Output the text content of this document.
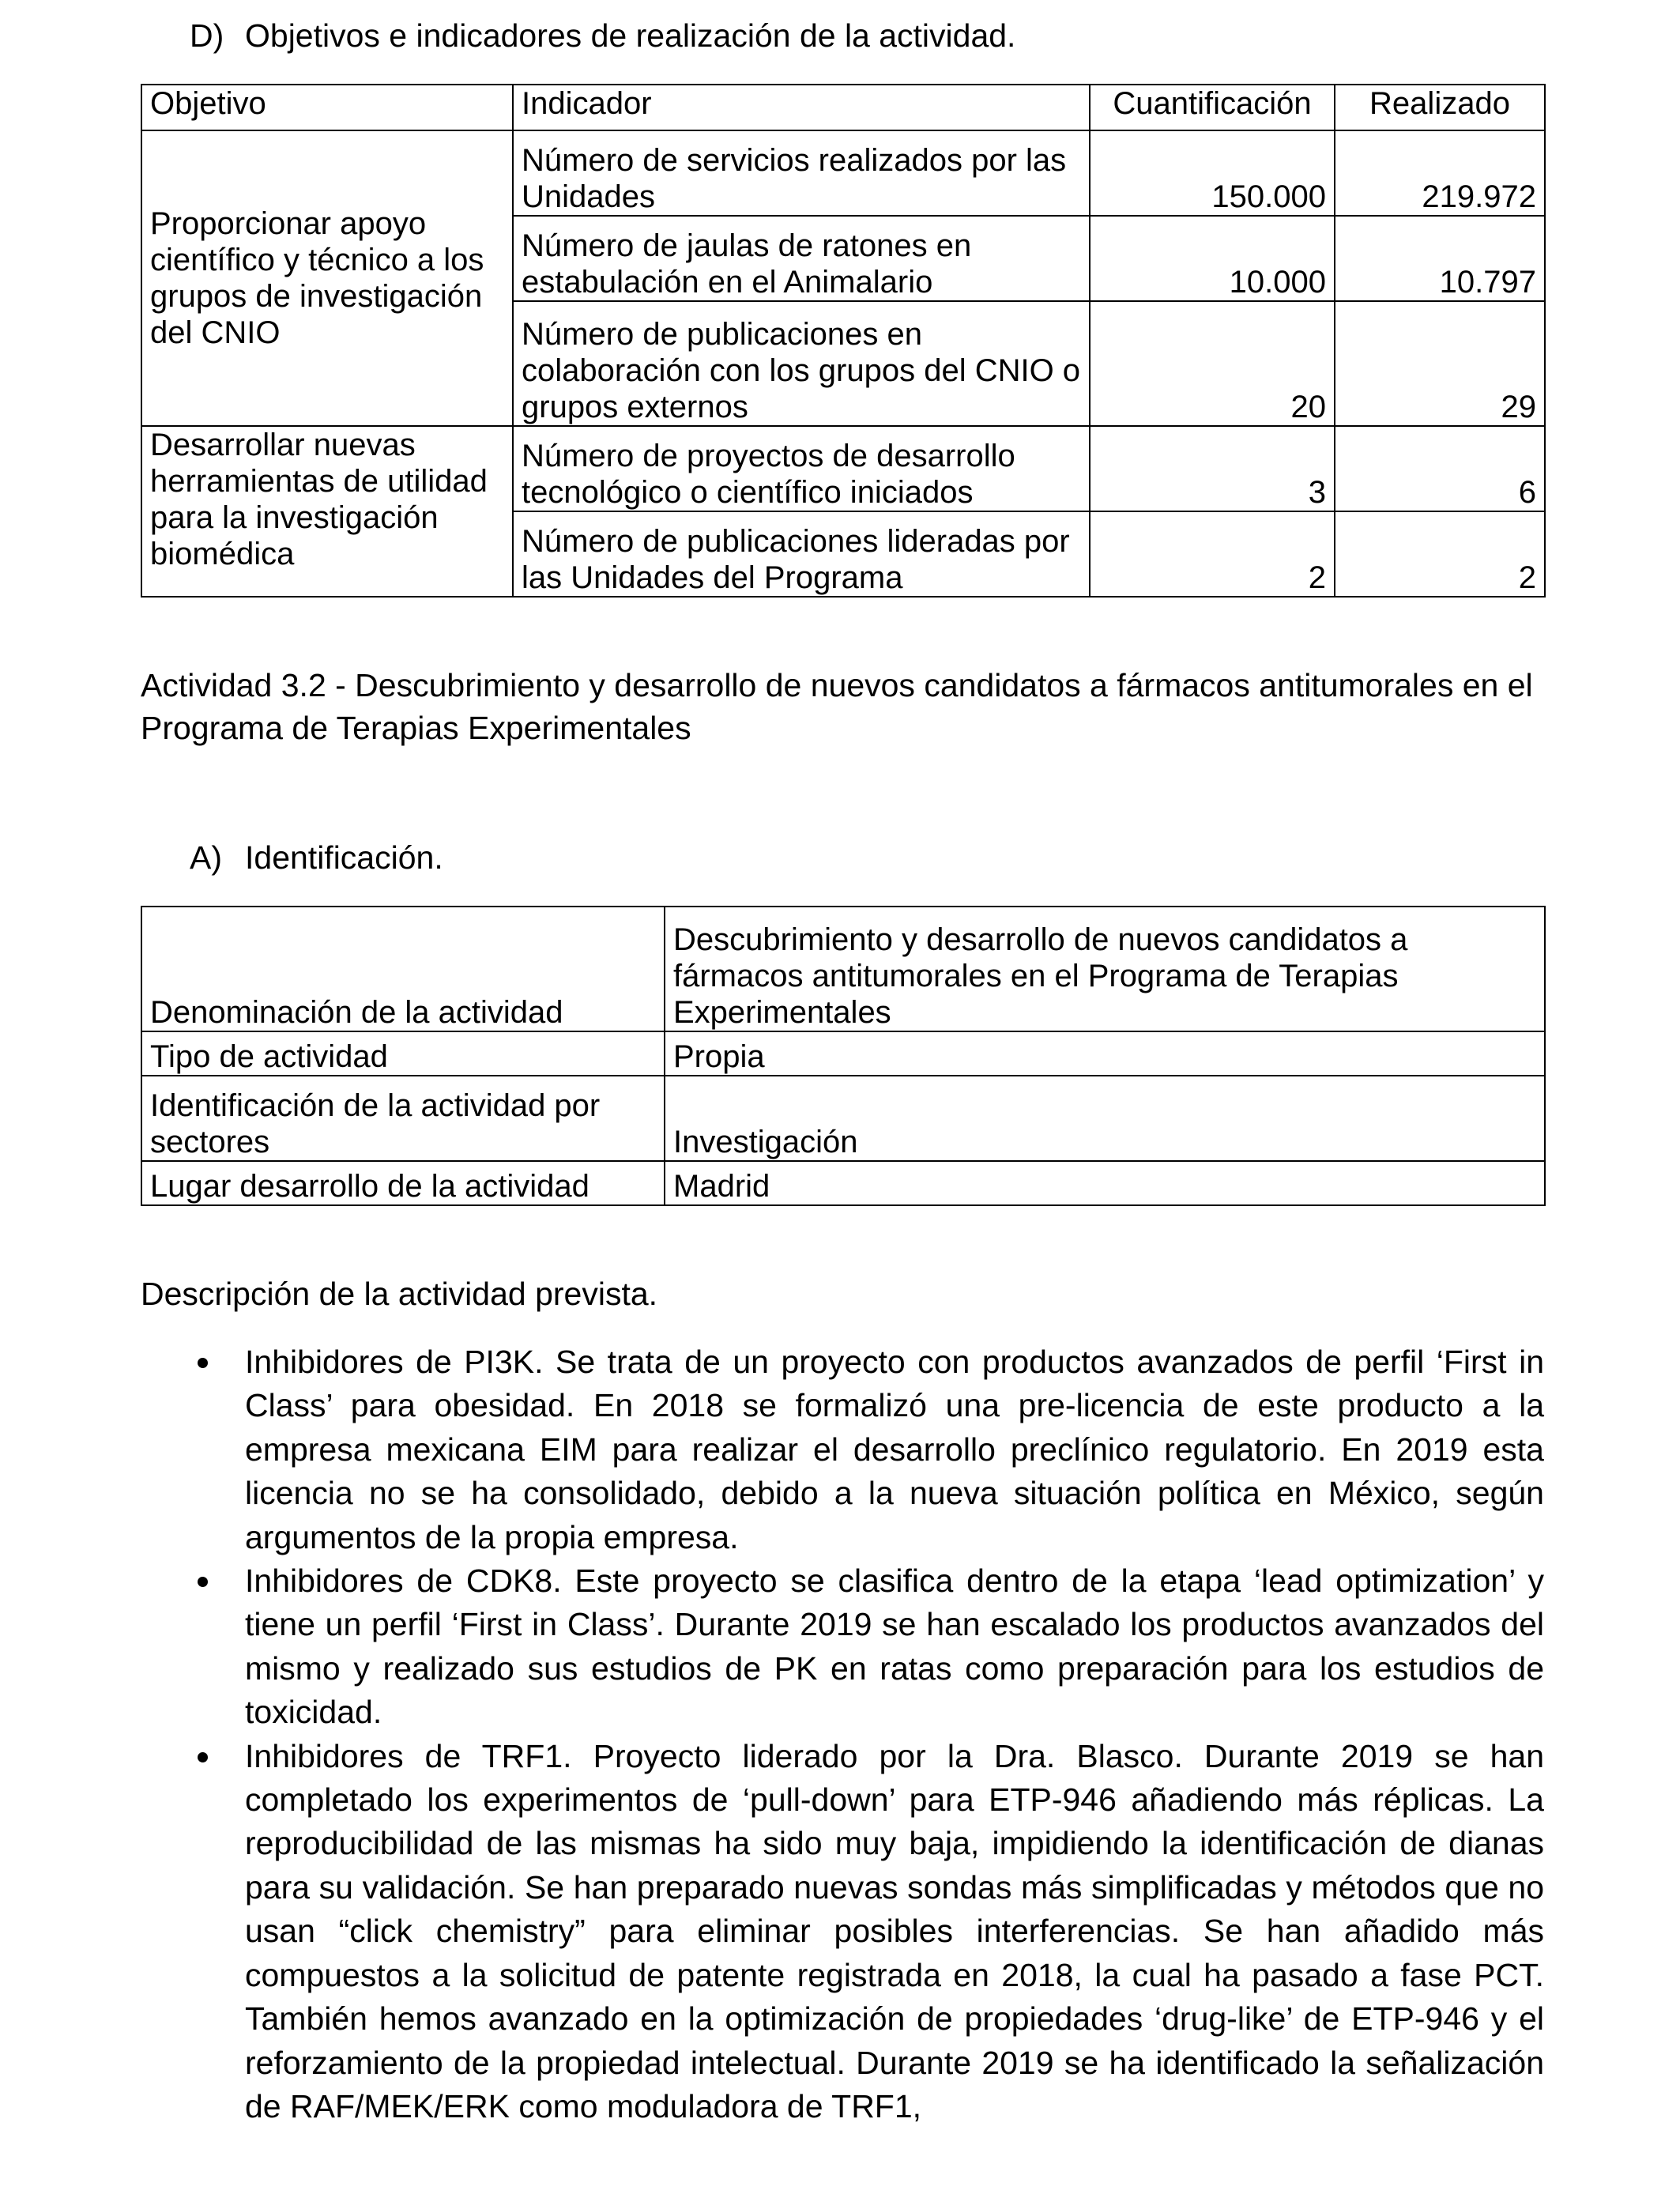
D) Objetivos e indicadores de realización de la actividad.
Objetivo	Indicador	Cuantificación	Realizado
Proporcionar apoyo científico y técnico a los grupos de investigación del CNIO	Número de servicios realizados por las Unidades	150.000	219.972
	Número de jaulas de ratones en estabulación en el Animalario	10.000	10.797
	Número de publicaciones en colaboración con los grupos del CNIO o grupos externos	20	29
Desarrollar nuevas herramientas de utilidad para la investigación biomédica	Número de proyectos de desarrollo tecnológico o científico iniciados	3	6
	Número de publicaciones lideradas por las Unidades del Programa	2	2
Actividad 3.2 - Descubrimiento y desarrollo de nuevos candidatos a fármacos antitumorales en el Programa de Terapias Experimentales
A) Identificación.
Denominación de la actividad	Descubrimiento y desarrollo de nuevos candidatos a fármacos antitumorales en el Programa de Terapias Experimentales
Tipo de actividad	Propia
Identificación de la actividad por sectores	Investigación
Lugar desarrollo de la actividad	Madrid
Descripción de la actividad prevista.
Inhibidores de PI3K. Se trata de un proyecto con productos avanzados de perfil ‘First in Class’ para obesidad. En 2018 se formalizó una pre-licencia de este producto a la empresa mexicana EIM para realizar el desarrollo preclínico regulatorio. En 2019 esta licencia no se ha consolidado, debido a la nueva situación política en México, según argumentos de la propia empresa.
Inhibidores de CDK8. Este proyecto se clasifica dentro de la etapa ‘lead optimization’ y tiene un perfil ‘First in Class’. Durante 2019 se han escalado los productos avanzados del mismo y realizado sus estudios de PK en ratas como preparación para los estudios de toxicidad.
Inhibidores de TRF1. Proyecto liderado por la Dra. Blasco. Durante 2019 se han completado los experimentos de ‘pull-down’ para ETP-946 añadiendo más réplicas. La reproducibilidad de las mismas ha sido muy baja, impidiendo la identificación de dianas para su validación. Se han preparado nuevas sondas más simplificadas y métodos que no usan “click chemistry” para eliminar posibles interferencias. Se han añadido más compuestos a la solicitud de patente registrada en 2018, la cual ha pasado a fase PCT. También hemos avanzado en la optimización de propiedades ‘drug-like’ de ETP-946 y el reforzamiento de la propiedad intelectual. Durante 2019 se ha identificado la señalización de RAF/MEK/ERK como moduladora de TRF1,
